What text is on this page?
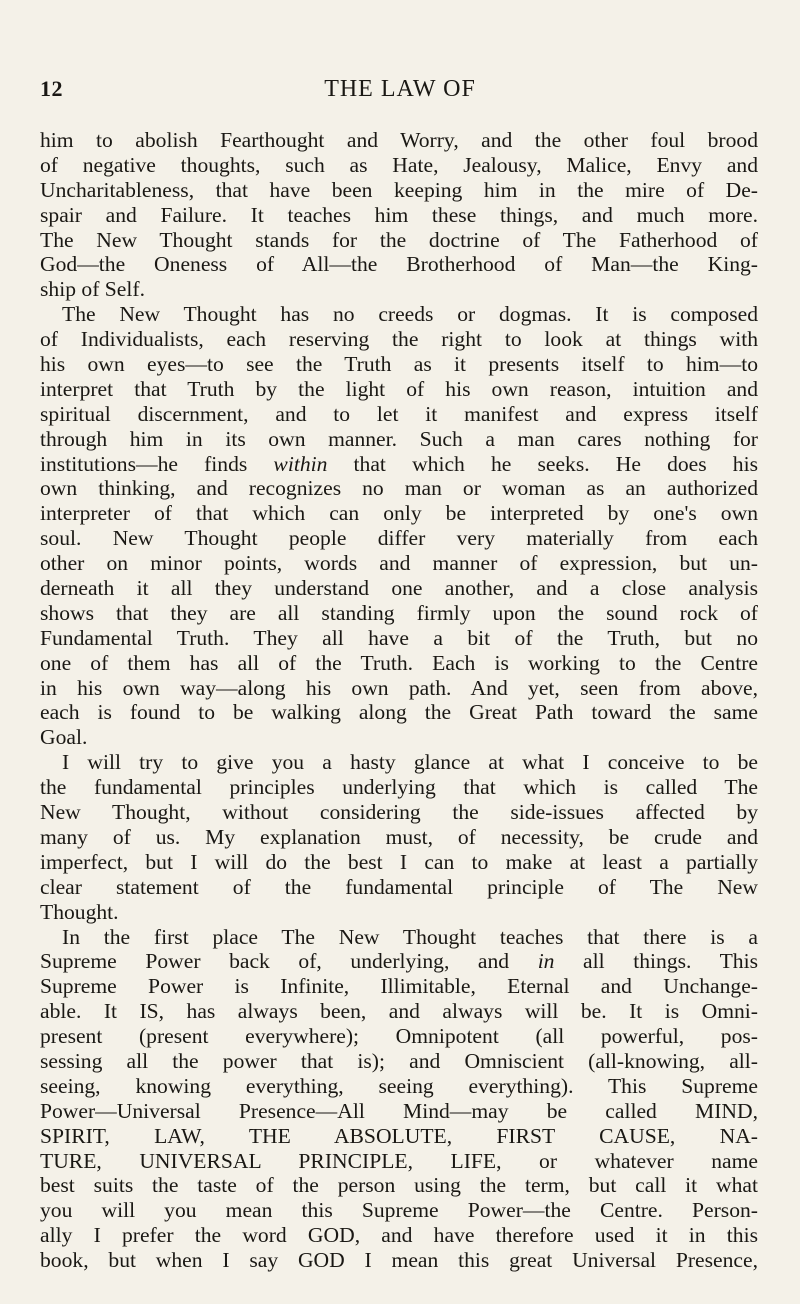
12	THE LAW OF
him to abolish Fearthought and Worry, and the other foul brood
of negative thoughts, such as Hate, Jealousy, Malice, Envy and
Uncharitableness, that have been keeping him in the mire of De-
spair and Failure. It teaches him these things, and much more.
The New Thought stands for the doctrine of The Fatherhood of
God—the Oneness of All—the Brotherhood of Man—the King-
ship of Self.
The New Thought has no creeds or dogmas. It is composed
of Individualists, each reserving the right to look at things with
his own eyes—to see the Truth as it presents itself to him—to
interpret that Truth by the light of his own reason, intuition and
spiritual discernment, and to let it manifest and express itself
through him in its own manner. Such a man cares nothing for
institutions—he finds within that which he seeks. He does his
own thinking, and recognizes no man or woman as an authorized
interpreter of that which can only be interpreted by one's own
soul. New Thought people differ very materially from each
other on minor points, words and manner of expression, but un-
derneath it all they understand one another, and a close analysis
shows that they are all standing firmly upon the sound rock of
Fundamental Truth. They all have a bit of the Truth, but no
one of them has all of the Truth. Each is working to the Centre
in his own way—along his own path. And yet, seen from above,
each is found to be walking along the Great Path toward the same
Goal.
I will try to give you a hasty glance at what I conceive to be
the fundamental principles underlying that which is called The
New Thought, without considering the side-issues affected by
many of us. My explanation must, of necessity, be crude and
imperfect, but I will do the best I can to make at least a partially
clear statement of the fundamental principle of The New
Thought.
In the first place The New Thought teaches that there is a
Supreme Power back of, underlying, and in all things. This
Supreme Power is Infinite, Illimitable, Eternal and Unchange-
able. It IS, has always been, and always will be. It is Omni-
present (present everywhere); Omnipotent (all powerful, pos-
sessing all the power that is); and Omniscient (all-knowing, all-
seeing, knowing everything, seeing everything). This Supreme
Power—Universal Presence—All Mind—may be called MIND,
SPIRIT, LAW, THE ABSOLUTE, FIRST CAUSE, NA-
TURE, UNIVERSAL PRINCIPLE, LIFE, or whatever name
best suits the taste of the person using the term, but call it what
you will you mean this Supreme Power—the Centre. Person-
ally I prefer the word GOD, and have therefore used it in this
book, but when I say GOD I mean this great Universal Presence,
